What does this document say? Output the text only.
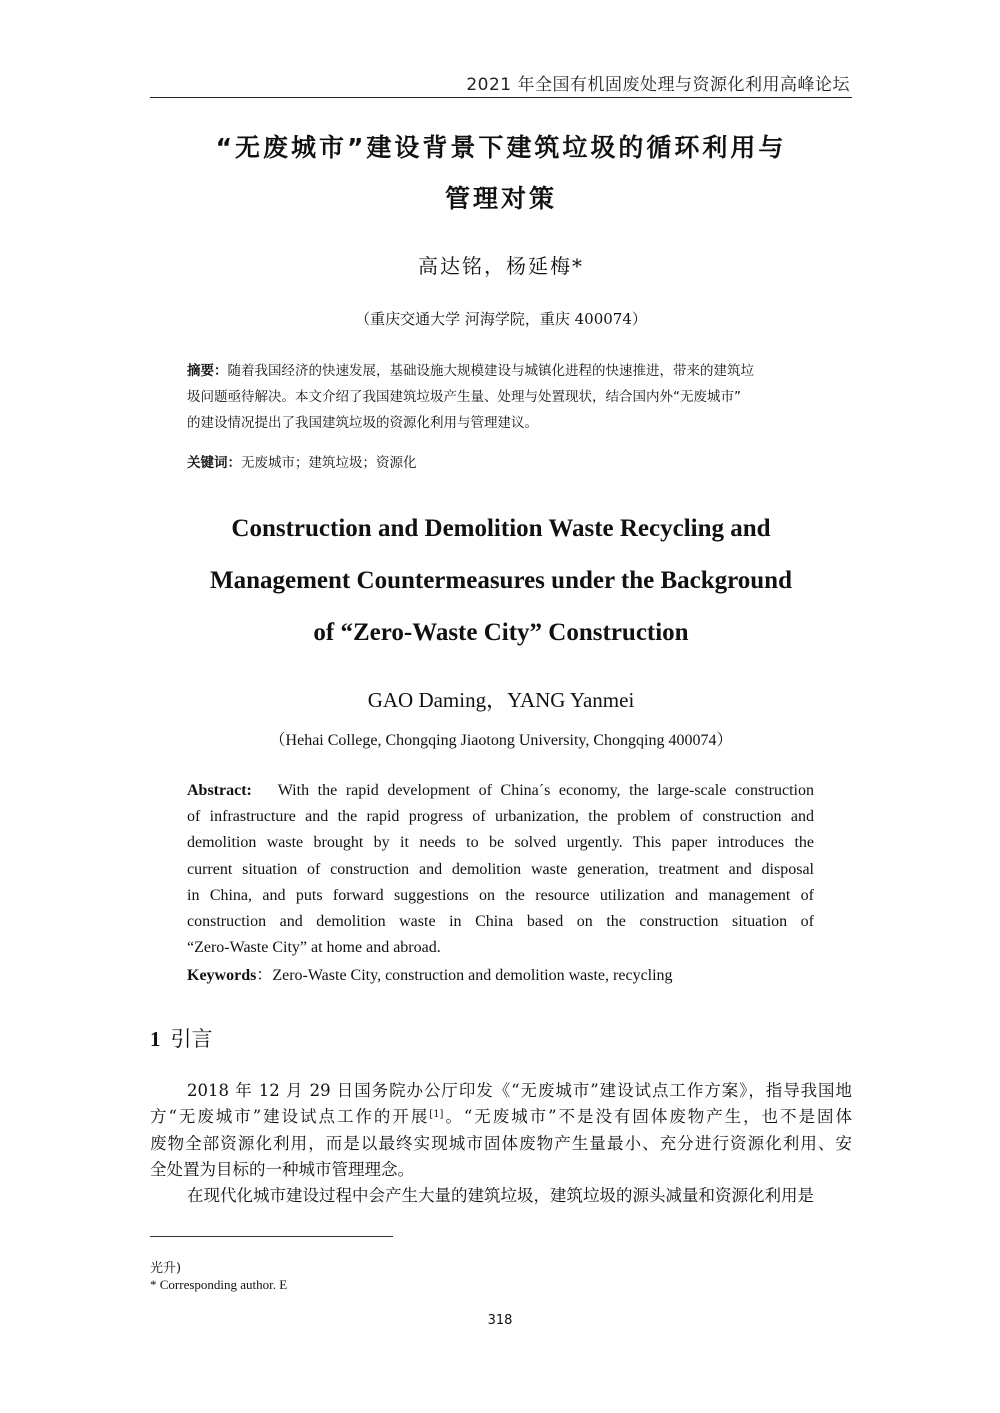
2021 年全国有机固废处理与资源化利用高峰论坛
“无废城市”建设背景下建筑垃圾的循环利用与
管理对策
高达铭，杨延梅*
（重庆交通大学 河海学院，重庆 400074）
摘要：随着我国经济的快速发展，基础设施大规模建设与城镇化进程的快速推进，带来的建筑垃
圾问题亟待解决。本文介绍了我国建筑垃圾产生量、处理与处置现状，结合国内外“无废城市”
的建设情况提出了我国建筑垃圾的资源化利用与管理建议。
关键词：无废城市；建筑垃圾；资源化
Construction and Demolition Waste Recycling and
Management Countermeasures under the Background
of “Zero-Waste City” Construction
GAO Daming，YANG Yanmei
（Hehai College, Chongqing Jiaotong University, Chongqing 400074）
Abstract: With the rapid development of China´s economy, the large-scale construction
of infrastructure and the rapid progress of urbanization, the problem of construction and
demolition waste brought by it needs to be solved urgently. This paper introduces the
current situation of construction and demolition waste generation, treatment and disposal
in China, and puts forward suggestions on the resource utilization and management of
construction and demolition waste in China based on the construction situation of
“Zero-Waste City” at home and abroad.
Keywords：Zero-Waste City, construction and demolition waste, recycling
1 引言
2018 年 12 月 29 日国务院办公厅印发《“无废城市”建设试点工作方案》，指导我国地
方“无废城市”建设试点工作的开展[1]。“无废城市”不是没有固体废物产生，也不是固体
废物全部资源化利用，而是以最终实现城市固体废物产生量最小、充分进行资源化利用、安
全处置为目标的一种城市管理理念。
在现代化城市建设过程中会产生大量的建筑垃圾，建筑垃圾的源头减量和资源化利用是
光升)
* Corresponding author. E
318
